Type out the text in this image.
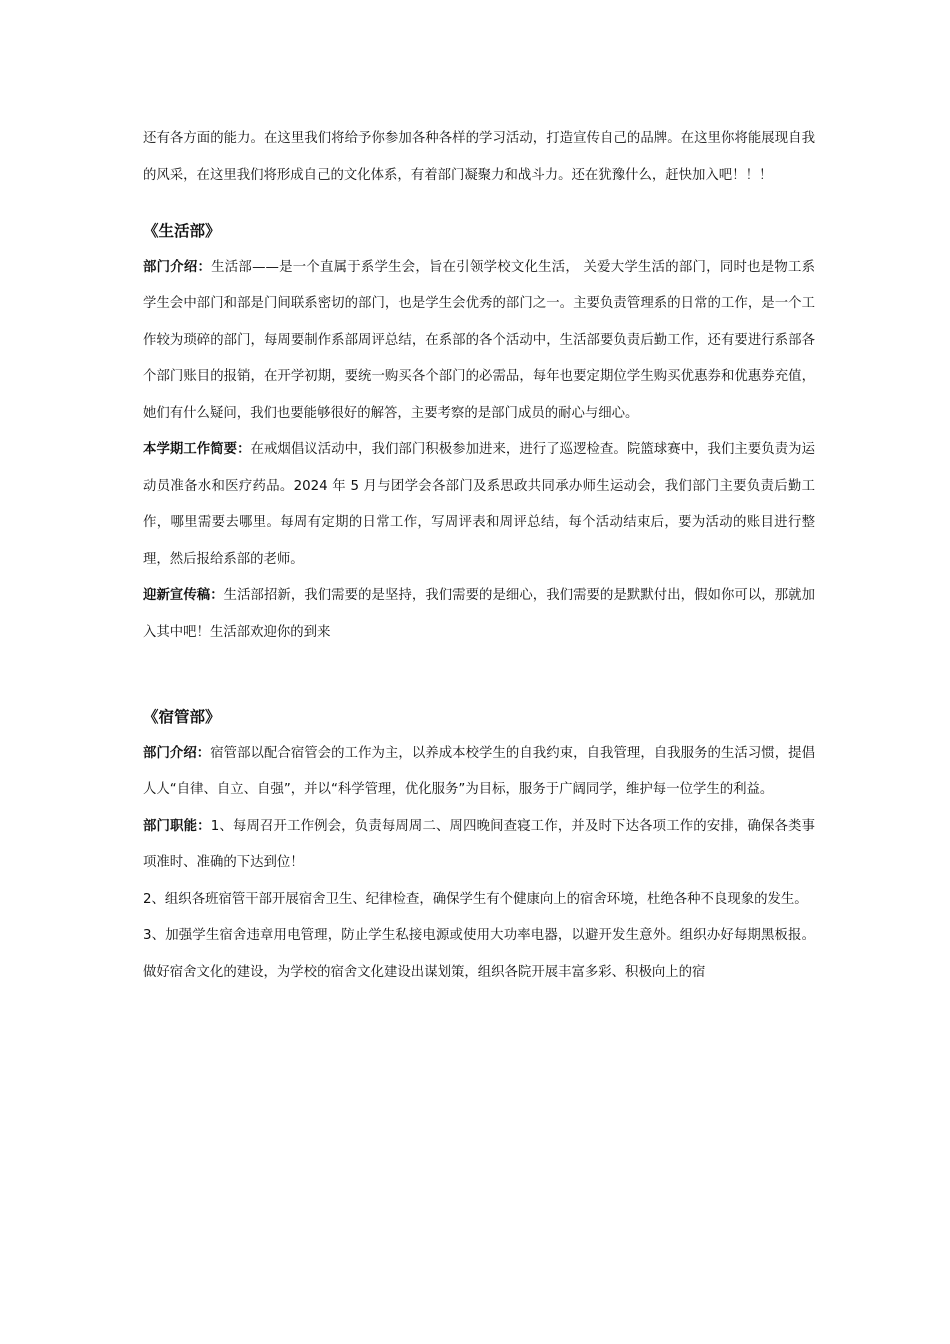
还有各方面的能力。在这里我们将给予你参加各种各样的学习活动，打造宣传自己的品牌。在这里你将能展现自我的风采，在这里我们将形成自己的文化体系，有着部门凝聚力和战斗力。还在犹豫什么，赶快加入吧！！！

《生活部》

部门介绍：生活部——是一个直属于系学生会，旨在引领学校文化生活， 关爱大学生活的部门，同时也是物工系学生会中部门和部是门间联系密切的部门，也是学生会优秀的部门之一。主要负责管理系的日常的工作，是一个工作较为琐碎的部门，每周要制作系部周评总结，在系部的各个活动中，生活部要负责后勤工作，还有要进行系部各个部门账目的报销，在开学初期，要统一购买各个部门的必需品，每年也要定期位学生购买优惠券和优惠券充值，她们有什么疑问，我们也要能够很好的解答，主要考察的是部门成员的耐心与细心。

本学期工作简要：在戒烟倡议活动中，我们部门积极参加进来，进行了巡逻检查。院篮球赛中，我们主要负责为运动员准备水和医疗药品。2024 年 5 月与团学会各部门及系思政共同承办师生运动会，我们部门主要负责后勤工作，哪里需要去哪里。每周有定期的日常工作，写周评表和周评总结，每个活动结束后，要为活动的账目进行整理，然后报给系部的老师。

迎新宣传稿：生活部招新，我们需要的是坚持，我们需要的是细心，我们需要的是默默付出，假如你可以，那就加入其中吧！生活部欢迎你的到来

《宿管部》

部门介绍：宿管部以配合宿管会的工作为主，以养成本校学生的自我约束，自我管理，自我服务的生活习惯，提倡人人“自律、自立、自强”，并以“科学管理，优化服务”为目标，服务于广阔同学，维护每一位学生的利益。

部门职能：1、每周召开工作例会，负责每周周二、周四晚间查寝工作，并及时下达各项工作的安排，确保各类事项准时、准确的下达到位！

2、组织各班宿管干部开展宿舍卫生、纪律检查，确保学生有个健康向上的宿舍环境，杜绝各种不良现象的发生。

3、加强学生宿舍违章用电管理，防止学生私接电源或使用大功率电器，以避开发生意外。组织办好每期黑板报。做好宿舍文化的建设，为学校的宿舍文化建设出谋划策，组织各院开展丰富多彩、积极向上的宿
